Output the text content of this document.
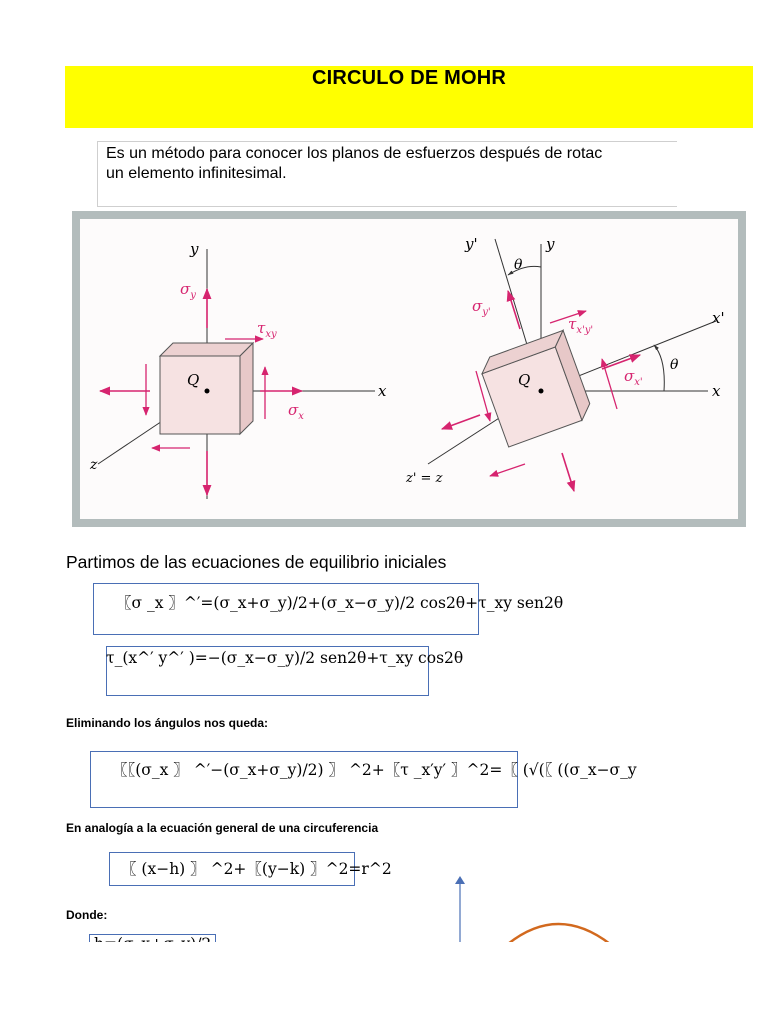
CIRCULO DE MOHR
Es un método para conocer los planos de esfuerzos después de rotac
un elemento infinitesimal.
y
x
z
Q
$\sigma_y$
$\sigma_x$
$\tau_{xy}$
y
y'
x
x'
z' = z
Q
θ
θ
$\sigma_{y'}$
$\sigma_{x'}$
$\tau_{x'y'}$
Partimos de las ecuaciones de equilibrio iniciales
〖σ _x 〗^′=(σ_x+σ_y)/2+(σ_x−σ_y)/2 cos2θ+τ_xy sen2θ
τ_(x^′ y^′ )=−(σ_x−σ_y)/2 sen2θ+τ_xy cos2θ
Eliminando los ángulos nos queda:
〖〖(σ_x 〗 ^′−(σ_x+σ_y)/2) 〗 ^2+〖τ _x′y′ 〗^2=〖 (√(〖 ((σ_x−σ_y
En analogía a la ecuación general de una circuferencia
〖 (x−h) 〗 ^2+〖(y−k) 〗^2=r^2
Donde:
